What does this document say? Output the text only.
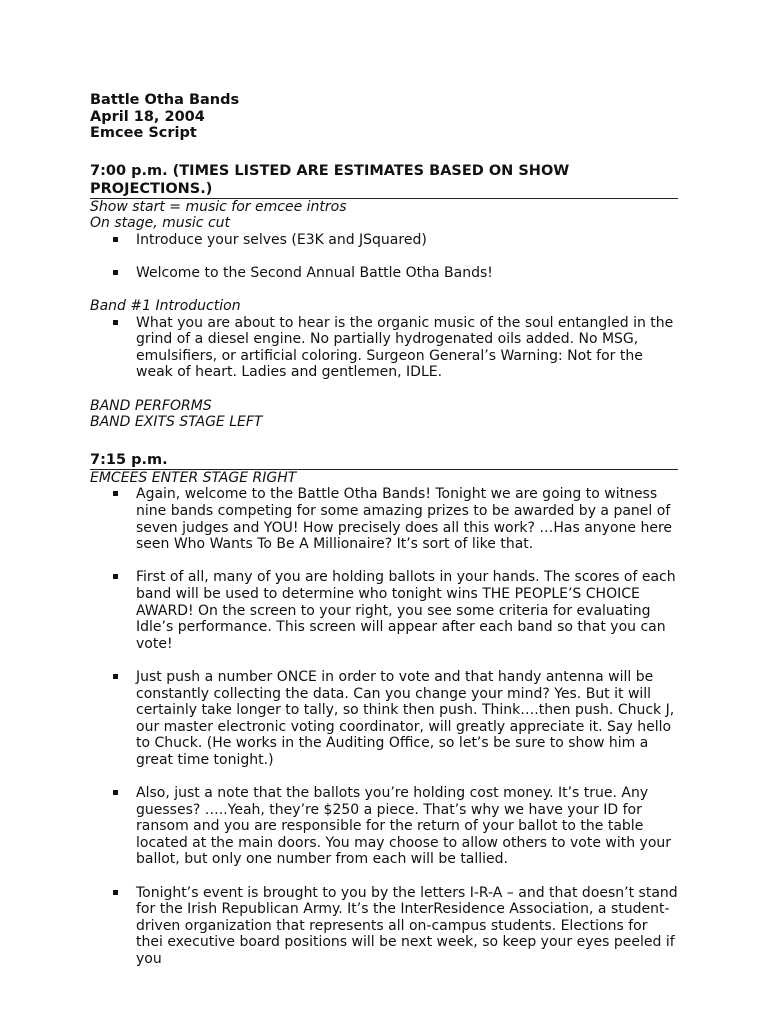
Battle Otha Bands
April 18, 2004
Emcee Script
7:00 p.m. (TIMES LISTED ARE ESTIMATES BASED ON SHOW PROJECTIONS.)
Show start = music for emcee intros
On stage, music cut
Introduce your selves (E3K and JSquared)
Welcome to the Second Annual Battle Otha Bands!
Band #1 Introduction
What you are about to hear is the organic music of the soul entangled in the grind of a diesel engine. No partially hydrogenated oils added. No MSG, emulsifiers, or artificial coloring. Surgeon General’s Warning: Not for the weak of heart. Ladies and gentlemen, IDLE.
BAND PERFORMS
BAND EXITS STAGE LEFT
7:15 p.m.
EMCEES ENTER STAGE RIGHT
Again, welcome to the Battle Otha Bands! Tonight we are going to witness nine bands competing for some amazing prizes to be awarded by a panel of seven judges and YOU! How precisely does all this work? …Has anyone here seen Who Wants To Be A Millionaire? It’s sort of like that.
First of all, many of you are holding ballots in your hands. The scores of each band will be used to determine who tonight wins THE PEOPLE’S CHOICE AWARD! On the screen to your right, you see some criteria for evaluating Idle’s performance. This screen will appear after each band so that you can vote!
Just push a number ONCE in order to vote and that handy antenna will be constantly collecting the data. Can you change your mind? Yes. But it will certainly take longer to tally, so think then push. Think….then push. Chuck J, our master electronic voting coordinator, will greatly appreciate it. Say hello to Chuck. (He works in the Auditing Office, so let’s be sure to show him a great time tonight.)
Also, just a note that the ballots you’re holding cost money. It’s true. Any guesses? …..Yeah, they’re $250 a piece. That’s why we have your ID for ransom and you are responsible for the return of your ballot to the table located at the main doors. You may choose to allow others to vote with your ballot, but only one number from each will be tallied.
Tonight’s event is brought to you by the letters I-R-A – and that doesn’t stand for the Irish Republican Army. It’s the InterResidence Association, a student-driven organization that represents all on-campus students. Elections for thei executive board positions will be next week, so keep your eyes peeled if you
